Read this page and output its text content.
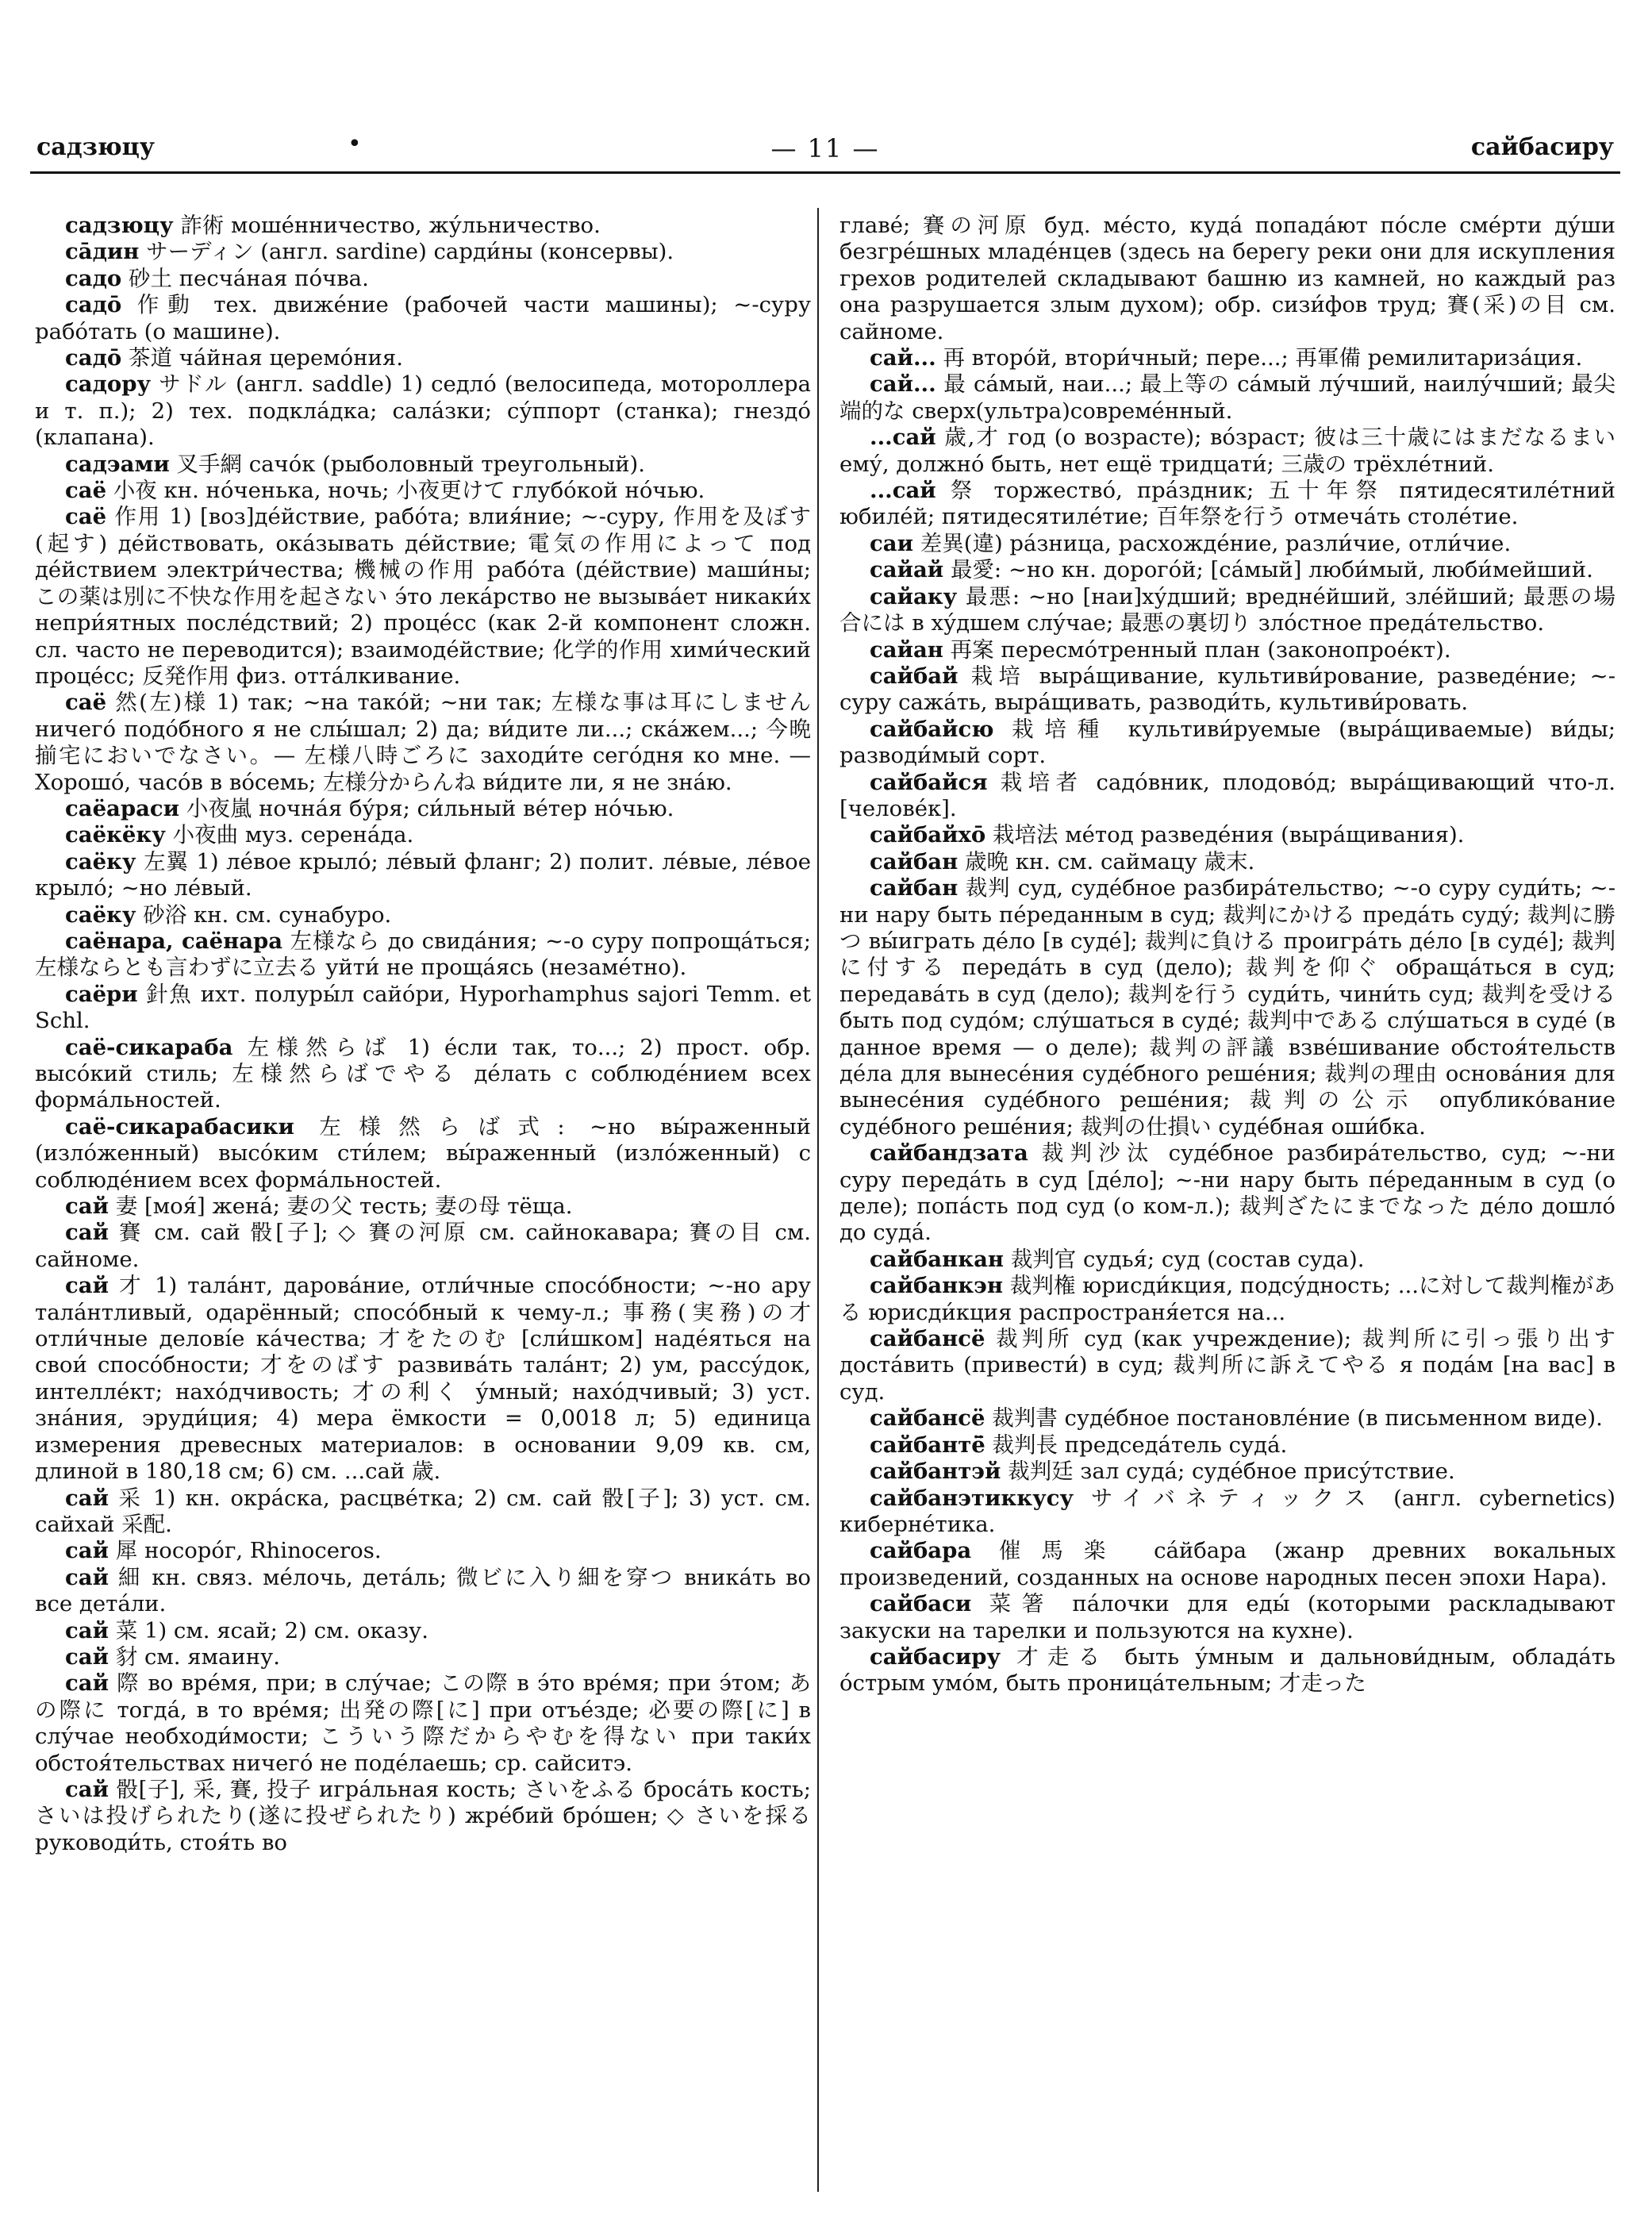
садзюцу	•	— 11 —	сайбасиру

садзюцу 詐術 моше́нничество, жу́льничество.

са̄дин サーディン (англ. sardine) сарди́ны (консервы).

садо 砂土 песча́ная по́чва.

садо̄ 作動 тех. движе́ние (рабочей части машины); ~-суру рабо́тать (о машине).

садо̄ 茶道 ча́йная церемо́ния.

садору サドル (англ. saddle) 1) седло́ (велосипеда, мотороллера и т. п.); 2) тех. подкла́дка; сала́зки; су́ппорт (станка); гнездо́ (клапана).

садэами 叉手網 сачо́к (рыболовный треугольный).

саё 小夜 кн. но́ченька, ночь; 小夜更けて глубо́кой но́чью.

саё 作用 1) [воз]де́йствие, рабо́та; влия́ние; ~-суру, 作用を及ぼす(起す) де́йствовать, ока́зывать де́йствие; 電気の作用によって под де́йствием электри́чества; 機械の作用 рабо́та (де́йствие) маши́ны; この薬は別に不快な作用を起さない э́то лека́рство не вызыва́ет никаки́х непри́ятных после́дствий; 2) проце́сс (как 2-й компонент сложн. сл. часто не переводится); взаимоде́йствие; 化学的作用 хими́ческий проце́сс; 反発作用 физ. отта́лкивание.

саё 然(左)様 1) так; ~на тако́й; ~ни так; 左様な事は耳にしません ничего́ подо́бного я не слы́шал; 2) да; ви́дите ли...; ска́жем...; 今晩揃宅においでなさい。— 左様八時ごろに заходи́те сего́дня ко мне. — Хорошо́, часо́в в во́семь; 左様分からんね ви́дите ли, я не зна́ю.

саёараси 小夜嵐 ночна́я бу́ря; си́льный ве́тер но́чью.

саёкёку 小夜曲 муз. серена́да.

саёку 左翼 1) ле́вое крыло́; ле́вый фланг; 2) полит. ле́вые, ле́вое крыло́; ~но ле́вый.

саёку 砂浴 кн. см. сунабуро.

саёнара, саёнара 左様なら до свида́ния; ~-о суру попроща́ться; 左様ならとも言わずに立去る уйти́ не проща́ясь (незаме́тно).

саёри 針魚 ихт. полуры́л сайо́ри, Hyporhamphus sajori Temm. et Schl.

саё-сикараба 左様然らば 1) е́сли так, то...; 2) прост. обр. высо́кий стиль; 左様然らばでやる де́лать с соблюде́нием всех форма́льностей.

саё-сикарабасики 左様然らば式: ~но вы́раженный (изло́женный) высо́ким сти́лем; вы́раженный (изло́женный) с соблюде́нием всех форма́льностей.

сай 妻 [моя́] жена́; 妻の父 тесть; 妻の母 тёща.

сай 賽 см. сай 骰[子]; ◇ 賽の河原 см. сайнокавара; 賽の目 см. сайноме.

сай 才 1) тала́нт, дарова́ние, отли́чные спосо́бности; ~-но ару тала́нтливый, одарённый; спосо́бный к чему-л.; 事務(実務)の才 отли́чные делові́е ка́чества; 才をたのむ [сли́шком] наде́яться на свои́ спосо́бности; 才をのばす развива́ть тала́нт; 2) ум, рассу́док, интелле́кт; нахо́дчивость; 才の利く у́мный; нахо́дчивый; 3) уст. зна́ния, эруди́ция; 4) мера ёмкости = 0,0018 л; 5) единица измерения древесных материалов: в основании 9,09 кв. см, длиной в 180,18 см; 6) см. ...сай 歳.

сай 采 1) кн. окра́ска, расцве́тка; 2) см. сай 骰[子]; 3) уст. см. сайхай 采配.

сай 犀 носоро́г, Rhinoceros.

сай 細 кн. связ. ме́лочь, дета́ль; 微ビに入り細を穿つ вника́ть во все дета́ли.

сай 菜 1) см. ясай; 2) см. оказу.

сай 豺 см. ямаину.

сай 際 во вре́мя, при; в слу́чае; この際 в э́то вре́мя; при э́том; あの際に тогда́, в то вре́мя; 出発の際[に] при отъе́зде; 必要の際[に] в слу́чае необходи́мости; こういう際だからやむを得ない при таки́х обстоя́тельствах ничего́ не поде́лаешь; ср. сайситэ.

сай 骰[子], 采, 賽, 投子 игра́льная кость; さいをふる броса́ть кость; さいは投げられたり(遂に投ぜられたり) жре́бий бро́шен; ◇ さいを採る руководи́ть, стоя́ть во

главе́; 賽の河原 буд. ме́сто, куда́ попада́ют по́сле сме́рти ду́ши безгре́шных младе́нцев (здесь на берегу реки они для искупления грехов родителей складывают башню из камней, но каждый раз она разрушается злым духом); обр. сизи́фов труд; 賽(采)の目 см. сайноме.

сай... 再 второ́й, втори́чный; пере...; 再軍備 ремилитариза́ция.

сай... 最 са́мый, наи...; 最上等の са́мый лу́чший, наилу́чший; 最尖端的な сверх(ультра)совреме́нный.

...сай 歳,才 год (о возрасте); во́зраст; 彼は三十歳にはまだなるまい ему́, должно́ быть, нет ещё тридцати́; 三歳の трёхле́тний.

...сай 祭 торжество́, пра́здник; 五十年祭 пятидесятиле́тний юбиле́й; пятидесятиле́тие; 百年祭を行う отмеча́ть столе́тие.

саи 差異(違) ра́зница, расхожде́ние, разли́чие, отли́чие.

сайай 最愛: ~но кн. дорого́й; [са́мый] люби́мый, люби́мейший.

сайаку 最悪: ~но [наи]ху́дший; вредне́йший, зле́йший; 最悪の場合には в ху́дшем слу́чае; 最悪の裏切り зло́стное преда́тельство.

сайан 再案 пересмо́тренный план (законопрое́кт).

сайбай 栽培 выра́щивание, культиви́рование, разведе́ние; ~-суру сажа́ть, выра́щивать, разводи́ть, культиви́ровать.

сайбайсю 栽培種 культиви́руемые (выра́щиваемые) ви́ды; разводи́мый сорт.

сайбайся 栽培者 садо́вник, плодово́д; выра́щивающий что-л. [челове́к].

сайбайхо̄ 栽培法 ме́тод разведе́ния (выра́щивания).

сайбан 歳晩 кн. см. саймацу 歳末.

сайбан 裁判 суд, суде́бное разбира́тельство; ~-о суру суди́ть; ~-ни нару быть пе́реданным в суд; 裁判にかける преда́ть суду́; 裁判に勝つ вы́играть де́ло [в суде́]; 裁判に負ける проигра́ть де́ло [в суде́]; 裁判に付する переда́ть в суд (дело); 裁判を仰ぐ обраща́ться в суд; передава́ть в суд (дело); 裁判を行う суди́ть, чини́ть суд; 裁判を受ける быть под судо́м; слу́шаться в суде́; 裁判中である слу́шаться в суде́ (в данное время — о деле); 裁判の評議 взве́шивание обстоя́тельств де́ла для вынесе́ния суде́бного реше́ния; 裁判の理由 основа́ния для вынесе́ния суде́бного реше́ния; 裁判の公示 опублико́вание суде́бного реше́ния; 裁判の仕損い суде́бная оши́бка.

сайбандзата 裁判沙汰 суде́бное разбира́тельство, суд; ~-ни суру переда́ть в суд [де́ло]; ~-ни нару быть пе́реданным в суд (о деле); попа́сть под суд (о ком-л.); 裁判ざたにまでなった де́ло дошло́ до суда́.

сайбанкан 裁判官 судья́; суд (состав суда).

сайбанкэн 裁判権 юрисди́кция, подсу́дность; ...に対して裁判権がある юрисди́кция распространя́ется на...

сайбансё 裁判所 суд (как учреждение); 裁判所に引っ張り出す доста́вить (привести́) в суд; 裁判所に訴えてやる я пода́м [на вас] в суд.

сайбансё 裁判書 суде́бное постановле́ние (в письменном виде).

сайбантё̄ 裁判長 председа́тель суда́.

сайбантэй 裁判廷 зал суда́; суде́бное прису́тствие.

сайбанэтиккусу サイバネティックス (англ. cybernetics) киберне́тика.

сайбара 催馬楽 са́йбара (жанр древних вокальных произведений, созданных на основе народных песен эпохи Нара).

сайбаси 菜箸 па́лочки для еды́ (которыми раскладывают закуски на тарелки и пользуются на кухне).

сайбасиру 才走る быть у́мным и дальнови́дным, облада́ть о́стрым умо́м, быть проница́тельным; 才走った
